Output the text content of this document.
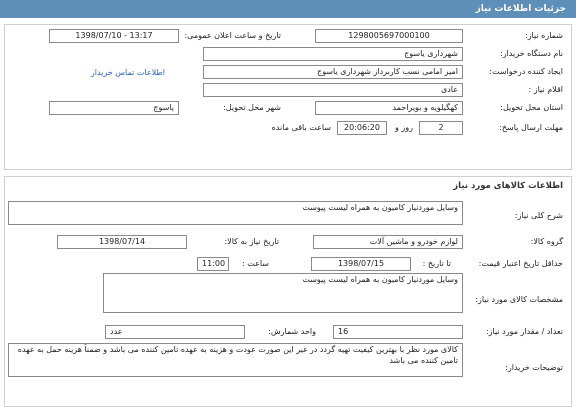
جزئیات اطلاعات نیاز
شماره نیاز:
1298005697000100
تاریخ و ساعت اعلان عمومی:
1398/07/10 - 13:17
نام دستگاه خریدار:
شهرداری یاسوج
ایجاد کننده درخواست:
امیر امامی نسب کاربرداز شهرداری یاسوج
اطلاعات تماس خریدار
اقلام نیاز :
عادی
استان محل تحویل:
کهگیلویه و بویراحمد
شهر محل تحویل:
یاسوج
مهلت ارسال پاسخ:
2
روز و
20:06:20
ساعت باقی مانده
اطلاعات کالاهای مورد نیاز
شرح کلی نیاز:
وسایل موردنیاز کامیون به همراه لیست پیوست
گروه کالا:
لوازم خودرو و ماشین آلات
تاریخ نیاز به کالا:
1398/07/14
حداقل تاریخ اعتبار قیمت:
تا تاریخ :
1398/07/15
ساعت :
11:00
مشخصات کالای مورد نیاز:
وسایل موردنیاز کامیون به همراه لیست پیوست
تعداد / مقدار مورد نیاز:
16
واحد شمارش:
عدد
توضیحات خریدار:
کالای مورد نظر با بهترین کیفیت تهیه گردد در غیر این صورت عودت و هزینه به عهده تامین کننده می باشد و ضمناً هزینه حمل به عهده تامین کننده می باشد
